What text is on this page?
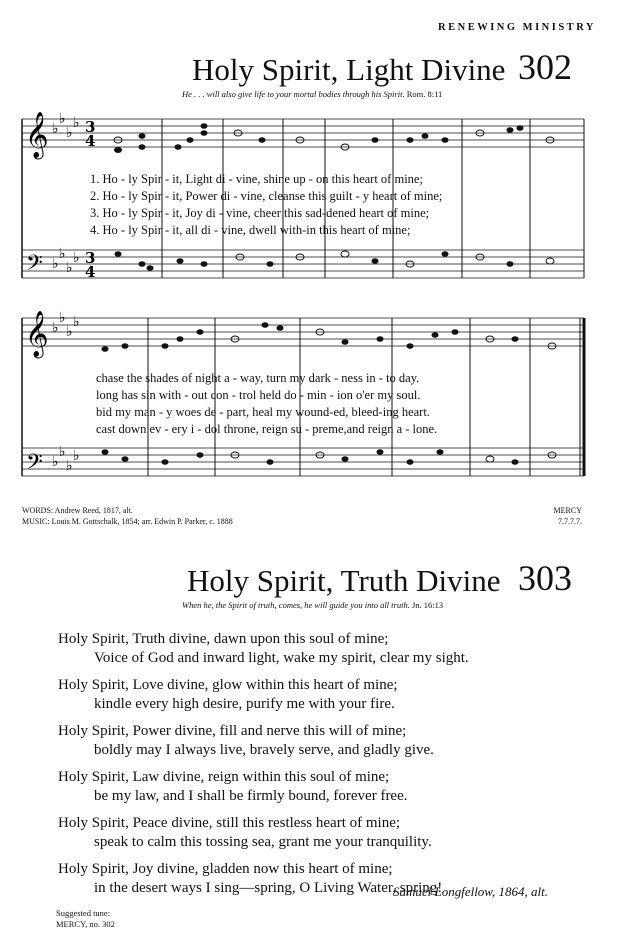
RENEWING MINISTRY
Holy Spirit, Light Divine 302
He . . . will also give life to your mortal bodies through his Spirit. Rom. 8:11
𝄞
𝄢
𝄞
𝄢
♭
♭
♭
♭
♭
♭
♭
♭
♭
♭
♭
♭
♭
♭
♭
♭
3
4
3
4
1. Ho - ly Spir - it, Light di - vine, shine up - on this heart of mine;
2. Ho - ly Spir - it, Power di - vine, cleanse this guilt - y heart of mine;
3. Ho - ly Spir - it, Joy di - vine, cheer this sad-dened heart of mine;
4. Ho - ly Spir - it, all di - vine, dwell with-in this heart of mine;
chase the shades of night a - way, turn my dark - ness in - to day.
long has sin with - out con - trol held do - min - ion o'er my soul.
bid my man - y woes de - part, heal my wound-ed, bleed-ing heart.
cast down ev - ery i - dol throne, reign su - preme,and reign a - lone.
WORDS: Andrew Reed, 1817, alt.
MUSIC: Louis M. Gottschalk, 1854; arr. Edwin P. Parker, c. 1888
MERCY
7.7.7.7.
Holy Spirit, Truth Divine 303
When he, the Spirit of truth, comes, he will guide you into all truth. Jn. 16:13
Holy Spirit, Truth divine, dawn upon this soul of mine;
Voice of God and inward light, wake my spirit, clear my sight.
Holy Spirit, Love divine, glow within this heart of mine;
kindle every high desire, purify me with your fire.
Holy Spirit, Power divine, fill and nerve this will of mine;
boldly may I always live, bravely serve, and gladly give.
Holy Spirit, Law divine, reign within this soul of mine;
be my law, and I shall be firmly bound, forever free.
Holy Spirit, Peace divine, still this restless heart of mine;
speak to calm this tossing sea, grant me your tranquility.
Holy Spirit, Joy divine, gladden now this heart of mine;
in the desert ways I sing—spring, O Living Water, spring!
Samuel Longfellow, 1864, alt.
Suggested tune:
MERCY, no. 302
